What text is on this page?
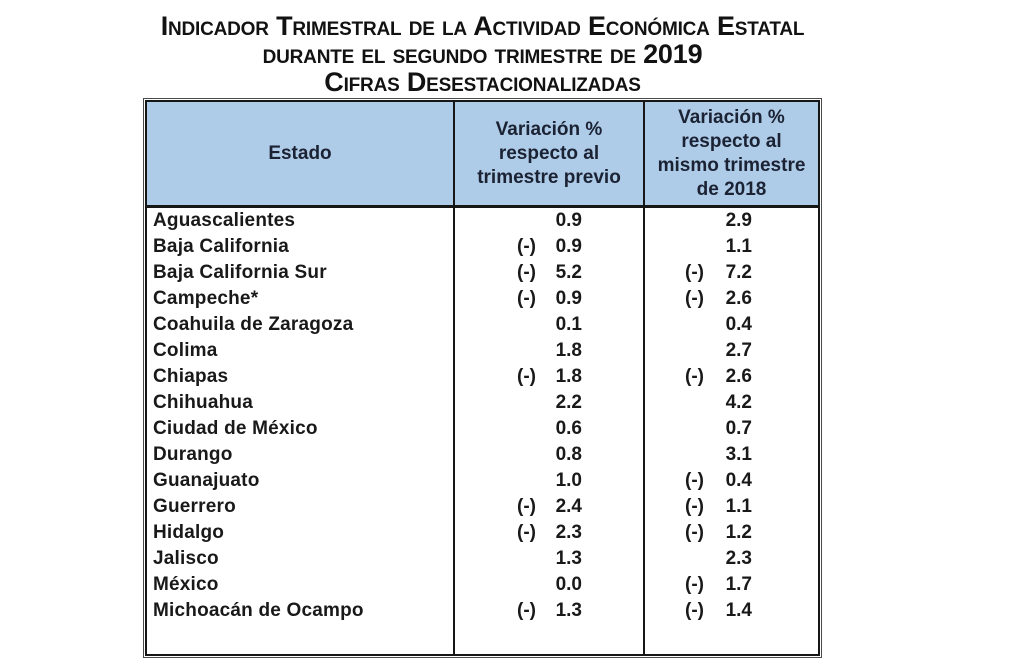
Indicador Trimestral de la Actividad Económica Estatal
durante el segundo trimestre de 2019
Cifras Desestacionalizadas
Estado
Variación % respecto al trimestre previo
Variación % respecto al mismo trimestre de 2018
Aguascalientes	0.9	2.9
Baja California	(-)	0.9	1.1
Baja California Sur	(-)	5.2	(-)	7.2
Campeche*	(-)	0.9	(-)	2.6
Coahuila de Zaragoza	0.1	0.4
Colima	1.8	2.7
Chiapas	(-)	1.8	(-)	2.6
Chihuahua	2.2	4.2
Ciudad de México	0.6	0.7
Durango	0.8	3.1
Guanajuato	1.0	(-)	0.4
Guerrero	(-)	2.4	(-)	1.1
Hidalgo	(-)	2.3	(-)	1.2
Jalisco	1.3	2.3
México	0.0	(-)	1.7
Michoacán de Ocampo	(-)	1.3	(-)	1.4
